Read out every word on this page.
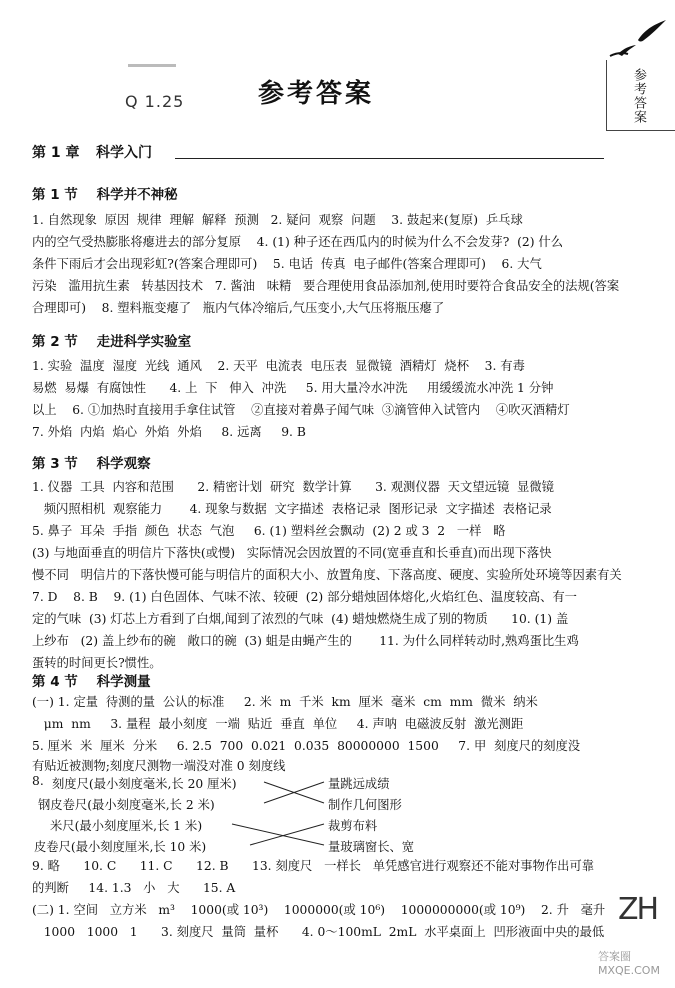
参考答案
Q 1.25	参考答案
第 1 章 科学入门
第 1 节    科学并不神秘
1. 自然现象  原因  规律  理解  解释  预测   2. 疑问  观察  问题    3. 鼓起来(复原)  乒乓球
内的空气受热膨胀将瘪进去的部分复原    4. (1) 种子还在西瓜内的时候为什么不会发芽?  (2) 什么
条件下雨后才会出现彩虹?(答案合理即可)    5. 电话  传真  电子邮件(答案合理即可)    6. 大气
污染   滥用抗生素   转基因技术   7. 酱油   味精   要合理使用食品添加剂,使用时要符合食品安全的法规(答案
合理即可)    8. 塑料瓶变瘪了   瓶内气体冷缩后,气压变小,大气压将瓶压瘪了
第 2 节    走进科学实验室
1. 实验  温度  湿度  光线  通风    2. 天平  电流表  电压表  显微镜  酒精灯  烧杯    3. 有毒
易燃  易爆  有腐蚀性      4. 上  下   伸入  冲洗     5. 用大量冷水冲洗     用缓缓流水冲洗 1 分钟
以上    6. ①加热时直接用手拿住试管    ②直接对着鼻子闻气味  ③滴管伸入试管内    ④吹灭酒精灯
7. 外焰  内焰  焰心  外焰  外焰     8. 远离     9. B
第 3 节    科学观察
1. 仪器  工具  内容和范围      2. 精密计划  研究  数学计算      3. 观测仪器  天文望远镜  显微镜
频闪照相机  观察能力       4. 现象与数据  文字描述  表格记录  图形记录  文字描述  表格记录
5. 鼻子  耳朵  手指  颜色  状态  气泡     6. (1) 塑料丝会飘动  (2) 2 或 3  2   一样   略
(3) 与地面垂直的明信片下落快(或慢)   实际情况会因放置的不同(宽垂直和长垂直)而出现下落快
慢不同   明信片的下落快慢可能与明信片的面积大小、放置角度、下落高度、硬度、实验所处环境等因素有关
7. D    8. B    9. (1) 白色固体、气味不浓、较硬  (2) 部分蜡烛固体熔化,火焰红色、温度较高、有一
定的气味  (3) 灯芯上方看到了白烟,闻到了浓烈的气味  (4) 蜡烛燃烧生成了别的物质      10. (1) 盖
上纱布   (2) 盖上纱布的碗   敞口的碗  (3) 蛆是由蝇产生的       11. 为什么同样转动时,熟鸡蛋比生鸡
蛋转的时间更长?惯性。
第 4 节    科学测量
(一) 1. 定量  待测的量  公认的标准     2. 米  m  千米  km  厘米  毫米  cm  mm  微米  纳米
μm  nm     3. 量程  最小刻度  一端  贴近  垂直  单位     4. 声呐  电磁波反射  激光测距
5. 厘米  米  厘米  分米     6. 2.5  700  0.021  0.035  80000000  1500     7. 甲  刻度尺的刻度没
有贴近被测物;刻度尺测物一端没对准 0 刻度线
8. 刻度尺(最小刻度毫米,长 20 厘米)
钢皮卷尺(最小刻度毫米,长 2 米)
米尺(最小刻度厘米,长 1 米)
皮卷尺(最小刻度厘米,长 10 米)
量跳远成绩
制作几何图形
裁剪布料
量玻璃窗长、宽
9. 略      10. C      11. C      12. B      13. 刻度尺   一样长   单凭感官进行观察还不能对事物作出可靠
的判断     14. 1.3   小   大      15. A
(二) 1. 空间   立方米   m³    1000(或 10³)    1000000(或 10⁶)    1000000000(或 10⁹)    2. 升   毫升
1000   1000   1      3. 刻度尺  量筒  量杯      4. 0～100mL  2mL  水平桌面上  凹形液面中央的最低
ZH
答案圈 MXQE.COM
